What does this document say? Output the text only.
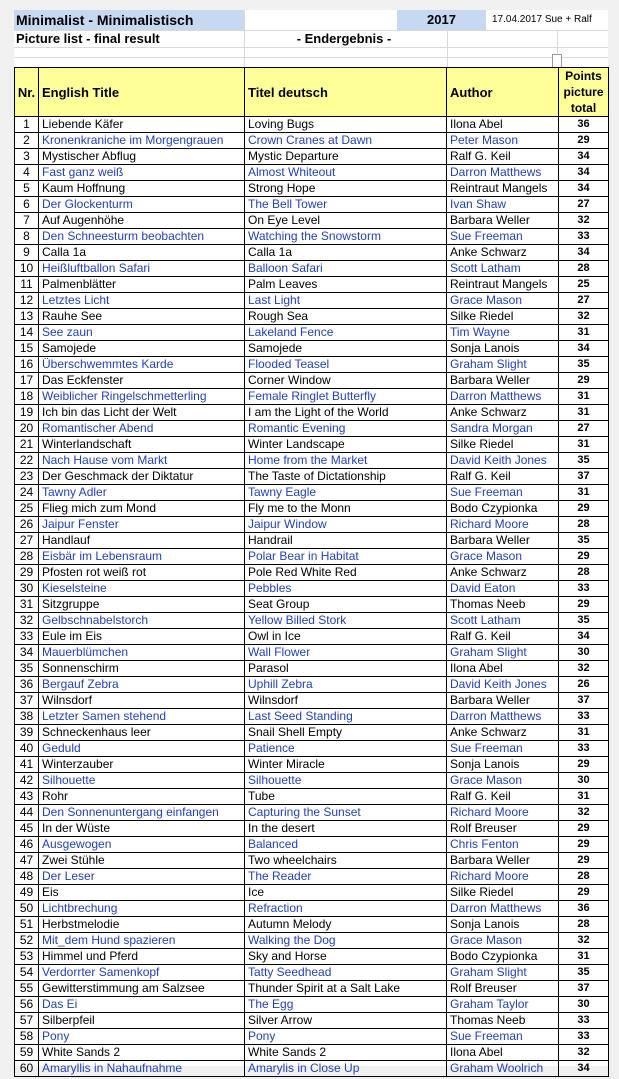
Minimalist - Minimalistisch	2017	17.04.2017 Sue + Ralf
Picture list - final result	- Endergebnis -
Nr.	English Title	Titel deutsch	Author	Points picture total
1	Liebende Käfer	Loving Bugs	Ilona Abel	36
2	Kronenkraniche im Morgengrauen	Crown Cranes at Dawn	Peter Mason	29
3	Mystischer Abflug	Mystic Departure	Ralf G. Keil	34
4	Fast ganz weiß	Almost Whiteout	Darron Matthews	34
5	Kaum Hoffnung	Strong Hope	Reintraut Mangels	34
6	Der Glockenturm	The Bell Tower	Ivan Shaw	27
7	Auf Augenhöhe	On Eye Level	Barbara Weller	32
8	Den Schneesturm beobachten	Watching the Snowstorm	Sue Freeman	33
9	Calla 1a	Calla 1a	Anke Schwarz	34
10	Heißluftballon Safari	Balloon Safari	Scott Latham	28
11	Palmenblätter	Palm Leaves	Reintraut Mangels	25
12	Letztes Licht	Last Light	Grace Mason	27
13	Rauhe See	Rough Sea	Silke Riedel	32
14	See zaun	Lakeland Fence	Tim Wayne	31
15	Samojede	Samojede	Sonja Lanois	34
16	Überschwemmtes Karde	Flooded Teasel	Graham Slight	35
17	Das Eckfenster	Corner Window	Barbara Weller	29
18	Weiblicher Ringelschmetterling	Female Ringlet Butterfly	Darron Matthews	31
19	Ich bin das Licht der Welt	I am the Light of the World	Anke Schwarz	31
20	Romantischer Abend	Romantic Evening	Sandra Morgan	27
21	Winterlandschaft	Winter Landscape	Silke Riedel	31
22	Nach Hause vom Markt	Home from the Market	David Keith Jones	35
23	Der Geschmack der Diktatur	The Taste of Dictationship	Ralf G. Keil	37
24	Tawny Adler	Tawny Eagle	Sue Freeman	31
25	Flieg mich zum Mond	Fly me to the Monn	Bodo Czypionka	29
26	Jaipur Fenster	Jaipur Window	Richard Moore	28
27	Handlauf	Handrail	Barbara Weller	35
28	Eisbär im Lebensraum	Polar Bear in Habitat	Grace Mason	29
29	Pfosten rot weiß rot	Pole Red White Red	Anke Schwarz	28
30	Kieselsteine	Pebbles	David Eaton	33
31	Sitzgruppe	Seat Group	Thomas Neeb	29
32	Gelbschnabelstorch	Yellow Billed Stork	Scott Latham	35
33	Eule im Eis	Owl in Ice	Ralf G. Keil	34
34	Mauerblümchen	Wall Flower	Graham Slight	30
35	Sonnenschirm	Parasol	Ilona Abel	32
36	Bergauf Zebra	Uphill Zebra	David Keith Jones	26
37	Wilnsdorf	Wilnsdorf	Barbara Weller	37
38	Letzter Samen stehend	Last Seed Standing	Darron Matthews	33
39	Schneckenhaus leer	Snail Shell Empty	Anke Schwarz	31
40	Geduld	Patience	Sue Freeman	33
41	Winterzauber	Winter Miracle	Sonja Lanois	29
42	Silhouette	Silhouette	Grace Mason	30
43	Rohr	Tube	Ralf G. Keil	31
44	Den Sonnenuntergang einfangen	Capturing the Sunset	Richard Moore	32
45	In der Wüste	In the desert	Rolf Breuser	29
46	Ausgewogen	Balanced	Chris Fenton	29
47	Zwei Stühle	Two wheelchairs	Barbara Weller	29
48	Der Leser	The Reader	Richard Moore	28
49	Eis	Ice	Silke Riedel	29
50	Lichtbrechung	Refraction	Darron Matthews	36
51	Herbstmelodie	Autumn Melody	Sonja Lanois	28
52	Mit_dem Hund spazieren	Walking the Dog	Grace Mason	32
53	Himmel und Pferd	Sky and Horse	Bodo Czypionka	31
54	Verdorrter Samenkopf	Tatty Seedhead	Graham Slight	35
55	Gewitterstimmung am Salzsee	Thunder Spirit at a Salt Lake	Rolf Breuser	37
56	Das Ei	The Egg	Graham Taylor	30
57	Silberpfeil	Silver Arrow	Thomas Neeb	33
58	Pony	Pony	Sue Freeman	33
59	White Sands 2	White Sands 2	Ilona Abel	32
60	Amaryllis in Nahaufnahme	Amarylis in Close Up	Graham Woolrich	34
